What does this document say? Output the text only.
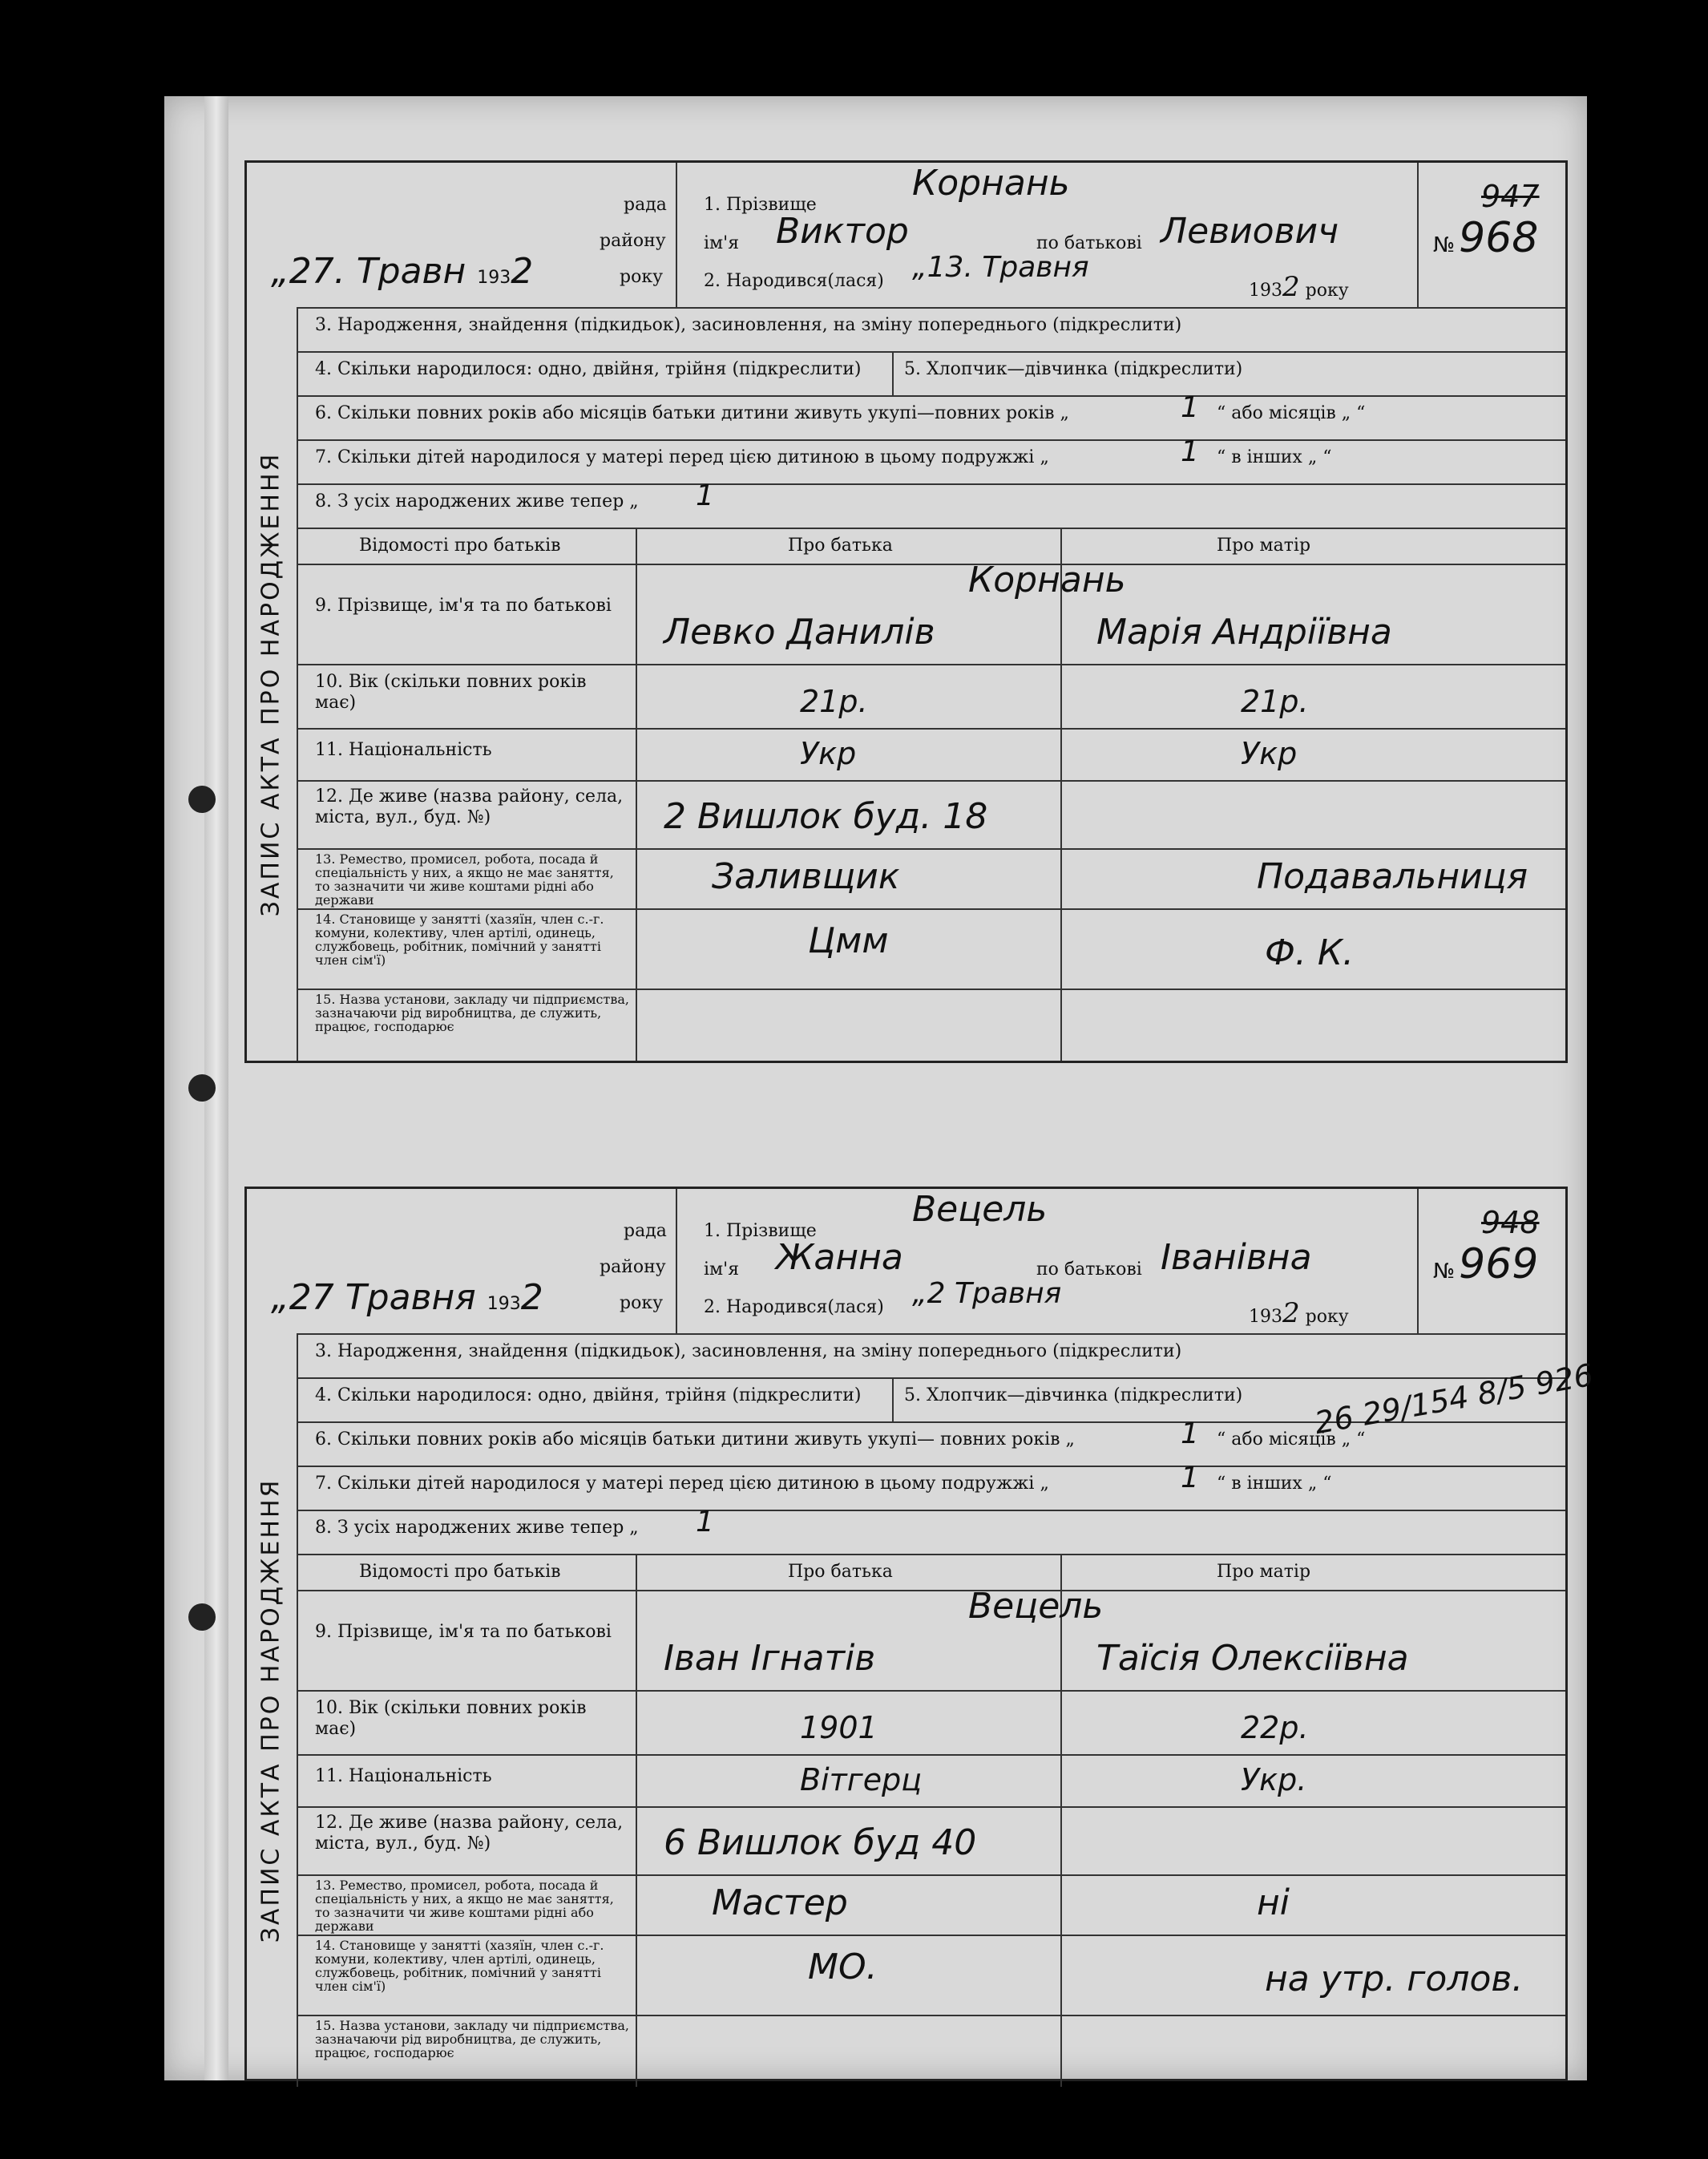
ЗАПИС АКТА ПРО НАРОДЖЕННЯ
рада
району
„27. Травн 1932	року
1. Прізвище
Корнань
ім'я Виктор	по батькові Левиович
2. Народився(лася) „13. Травня
1932 року
947
№ 968
3. Народження, знайдення (підкидьок), засиновлення, на зміну попереднього (підкреслити)
4. Скільки народилося: одно, двійня, трійня (підкреслити) 5. Хлопчик—дівчинка (підкреслити)
6. Скільки повних років або місяців батьки дитини живуть укупі—повних років „	1 “ або місяців „ “
7. Скільки дітей народилося у матері перед цією дитиною в цьому подружжі „	1 “ в інших „ “
8. З усіх народжених живе тепер „ 1
Відомості про батьків	Про батька	Про матір
9. Прізвище, ім'я та по батькові
Корнань
Левко Данилів	Марія Андріївна
10. Вік (скільки повних років має)	21р.	21р.
11. Національність	Укр	Укр
12. Де живе (назва району, села, міста, вул., буд. №)	2 Вишлок буд. 18
13. Ремество, промисел, робота, посада й спеціальність у них, а якщо не має заняття, то зазначити чи живе коштами рідні або держави
Заливщик	Подавальниця
14. Становище у занятті (хазяїн, член с.-г. комуни, колективу, член артілі, одинець, службовець, робітник, помічний у занятті член сім'ї)	Цмм	Ф. К.
15. Назва установи, закладу чи підприємства, зазначаючи рід виробництва, де служить, працює, господарює
ЗАПИС АКТА ПРО НАРОДЖЕННЯ
рада
району
„27 Травня 1932	року
1. Прізвище
Вецель
ім'я Жанна	по батькові Іванівна
2. Народився(лася) „2 Травня
1932 року
948
№ 969
3. Народження, знайдення (підкидьок), засиновлення, на зміну попереднього (підкреслити)
4. Скільки народилося: одно, двійня, трійня (підкреслити) 5. Хлопчик—дівчинка (підкреслити)
6. Скільки повних років або місяців батьки дитини живуть укупі— повних років „	1 “ або місяців „ “
7. Скільки дітей народилося у матері перед цією дитиною в цьому подружжі „	1 “ в інших „ “
8. З усіх народжених живе тепер „ 1
Відомості про батьків	Про батька	Про матір
9. Прізвище, ім'я та по батькові
Вецель
Іван Ігнатів	Таїсія Олексіївна
10. Вік (скільки повних років має)	1901	22р.
11. Національність	Вітгерц	Укр.
12. Де живе (назва району, села, міста, вул., буд. №)	6 Вишлок буд 40
13. Ремество, промисел, робота, посада й спеціальність у них, а якщо не має заняття, то зазначити чи живе коштами рідні або держави
Мастер	ні
14. Становище у занятті (хазяїн, член с.-г. комуни, колективу, член артілі, одинець, службовець, робітник, помічний у занятті член сім'ї)	МО.	на утр. голов.
15. Назва установи, закладу чи підприємства, зазначаючи рід виробництва, де служить, працює, господарює
26 29/154 8/5 926
